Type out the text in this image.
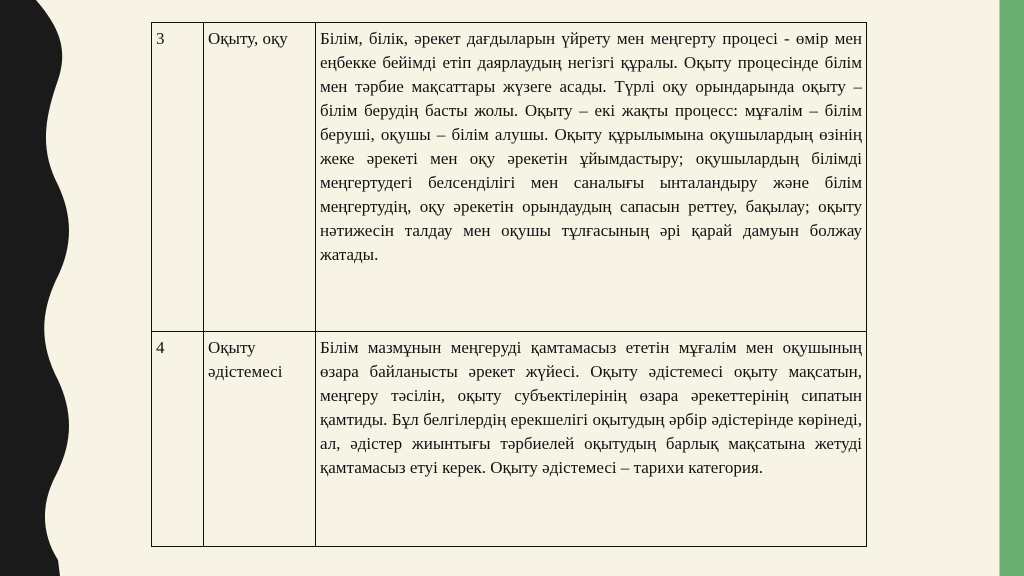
3	Оқыту, оқу	Білім, білік, әрекет дағдыларын үйрету мен меңгерту процесі - өмір мен еңбекке бейімді етіп даярлаудың негізгі құралы. Оқыту процесінде білім мен тәрбие мақсаттары жүзеге асады. Түрлі оқу орындарында оқыту – білім берудің басты жолы. Оқыту – екі жақты процесс: мұғалім – білім беруші, оқушы – білім алушы. Оқыту құрылымына оқушылардың өзінің жеке әрекеті мен оқу әрекетін ұйымдастыру; оқушылардың білімді меңгертудегі белсенділігі мен саналығы ынталандыру және білім меңгертудің, оқу әрекетін орындаудың сапасын реттеу, бақылау; оқыту нәтижесін талдау мен оқушы тұлғасының әрі қарай дамуын болжау жатады.
4	Оқыту әдістемесі	Білім мазмұнын меңгеруді қамтамасыз ететін мұғалім мен оқушының өзара байланысты әрекет жүйесі. Оқыту әдістемесі оқыту мақсатын, меңгеру тәсілін, оқыту субъектілерінің өзара әрекеттерінің сипатын қамтиды. Бұл белгілердің ерекшелігі оқытудың әрбір әдістерінде көрінеді, ал, әдістер жиынтығы тәрбиелей оқытудың барлық мақсатына жетуді қамтамасыз етуі керек. Оқыту әдістемесі – тарихи категория.
